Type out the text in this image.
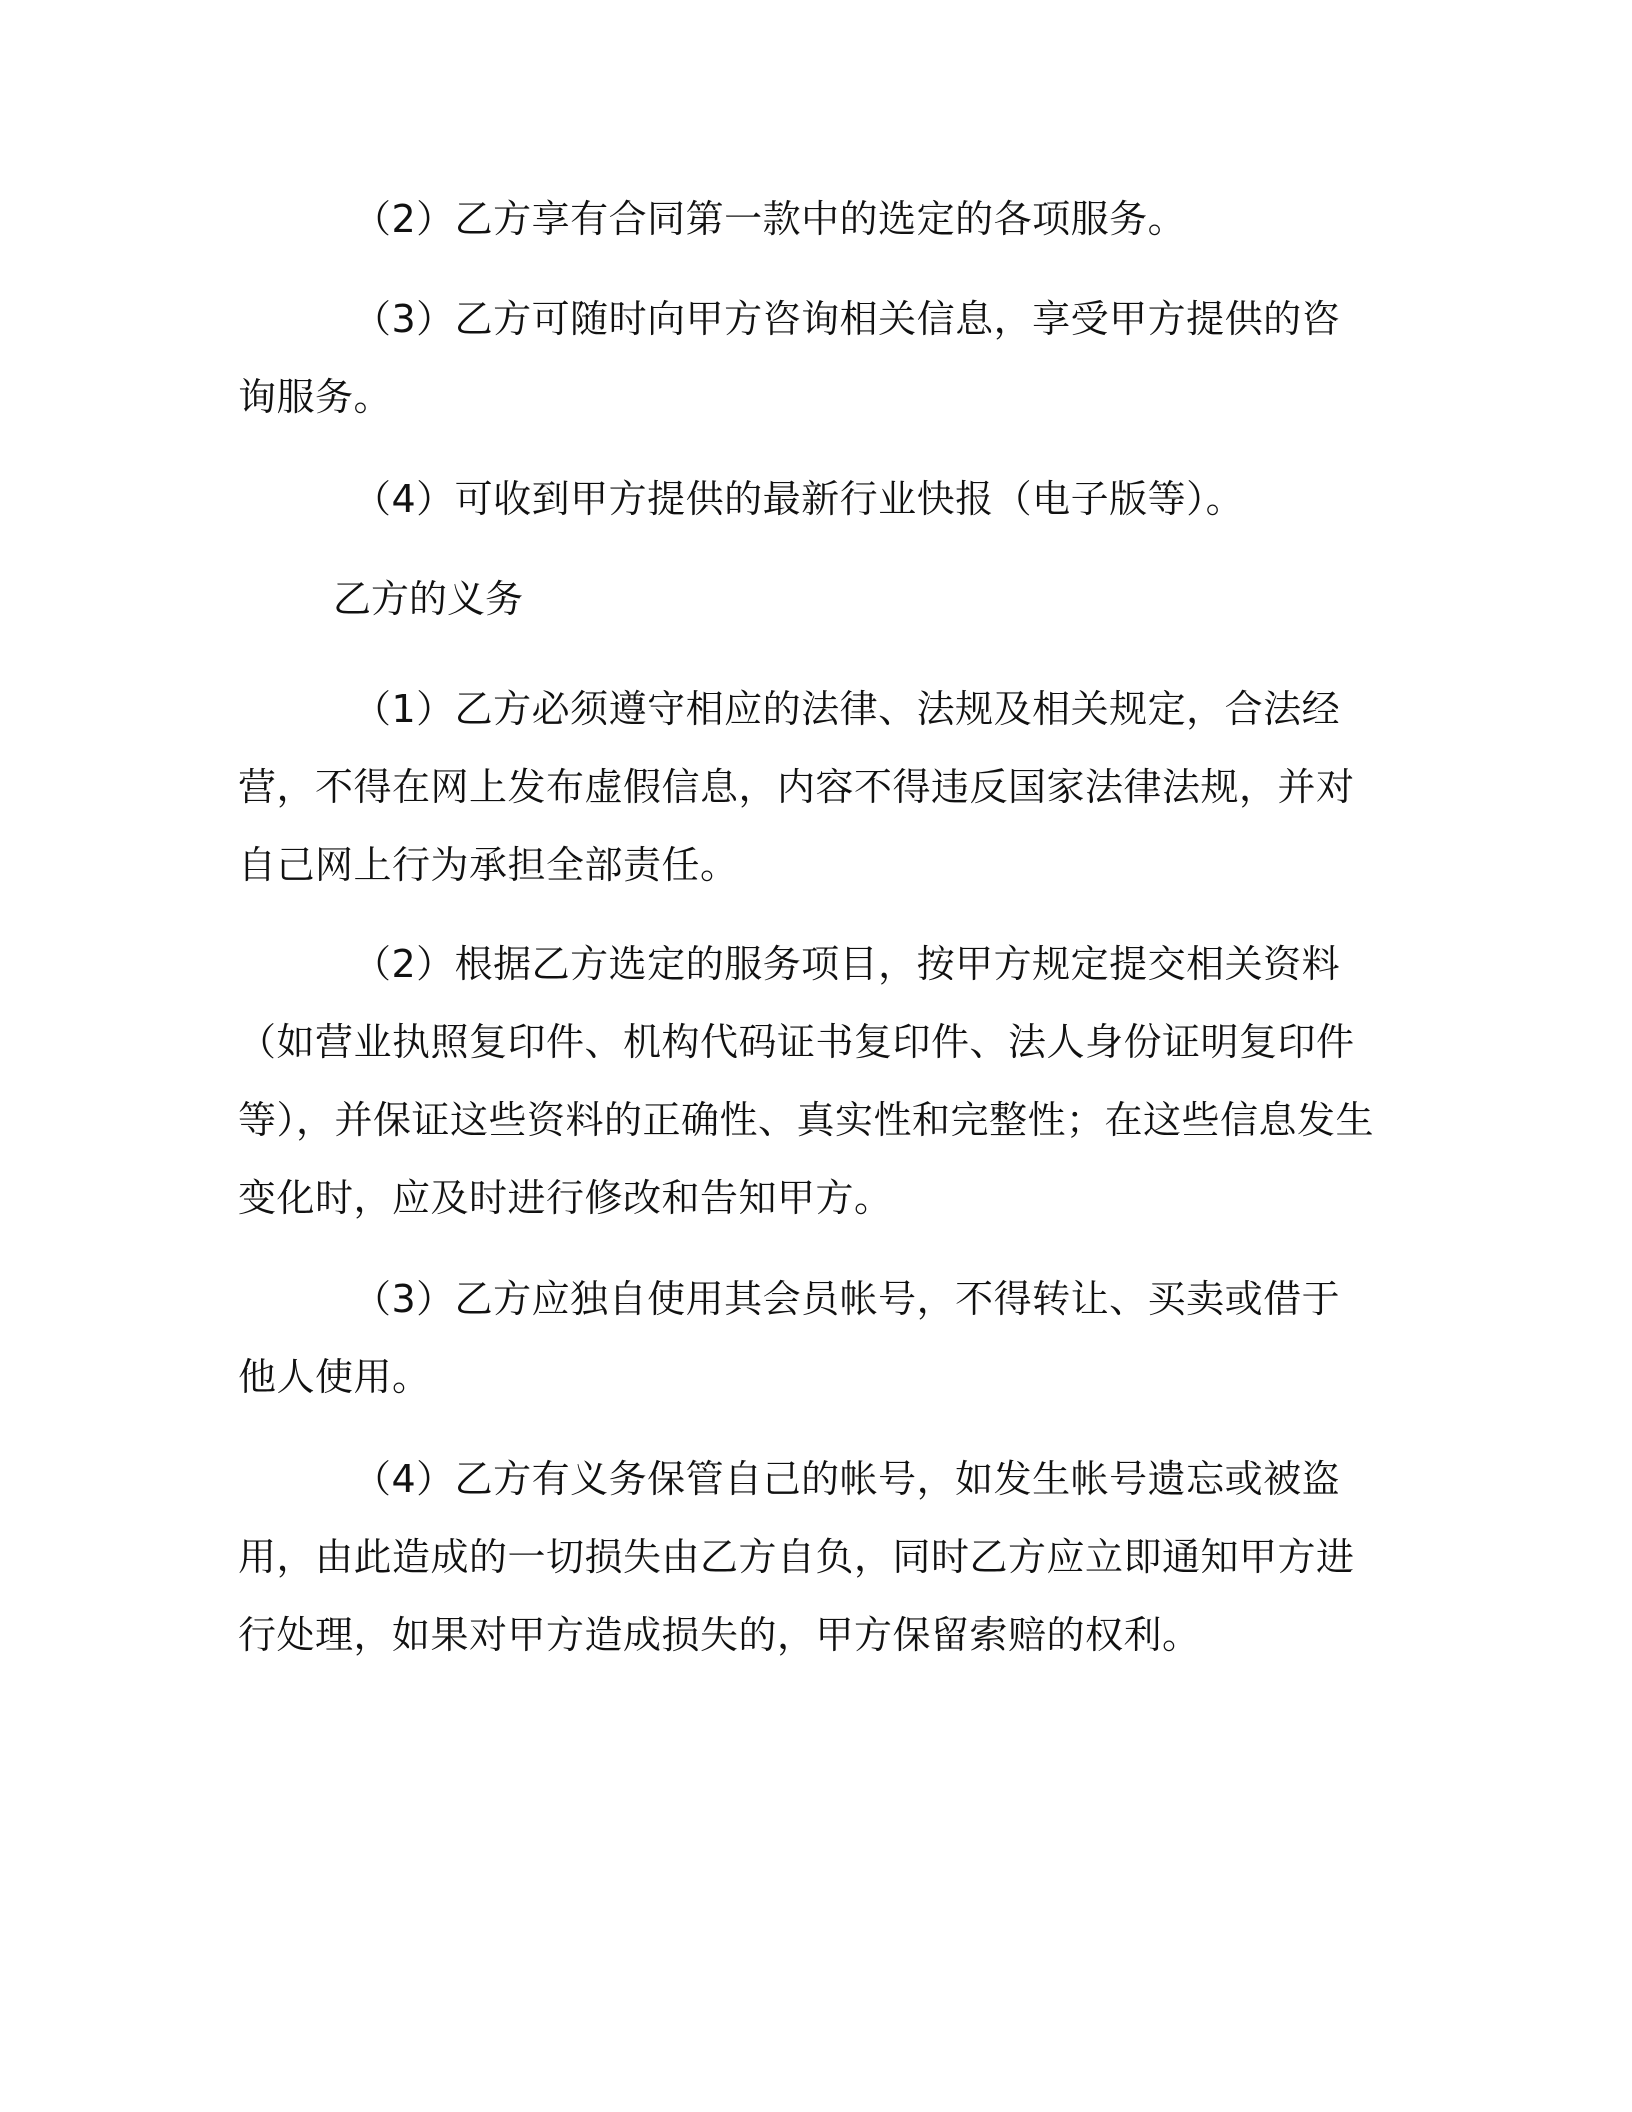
（2）乙方享有合同第一款中的选定的各项服务。

（3）乙方可随时向甲方咨询相关信息，享受甲方提供的咨询服务。

（4）可收到甲方提供的最新行业快报（电子版等）。

乙方的义务

（1）乙方必须遵守相应的法律、法规及相关规定，合法经营，不得在网上发布虚假信息，内容不得违反国家法律法规，并对自己网上行为承担全部责任。

（2）根据乙方选定的服务项目，按甲方规定提交相关资料（如营业执照复印件、机构代码证书复印件、法人身份证明复印件等），并保证这些资料的正确性、真实性和完整性；在这些信息发生变化时，应及时进行修改和告知甲方。

（3）乙方应独自使用其会员帐号，不得转让、买卖或借于他人使用。

（4）乙方有义务保管自己的帐号，如发生帐号遗忘或被盗用，由此造成的一切损失由乙方自负，同时乙方应立即通知甲方进行处理，如果对甲方造成损失的，甲方保留索赔的权利。
